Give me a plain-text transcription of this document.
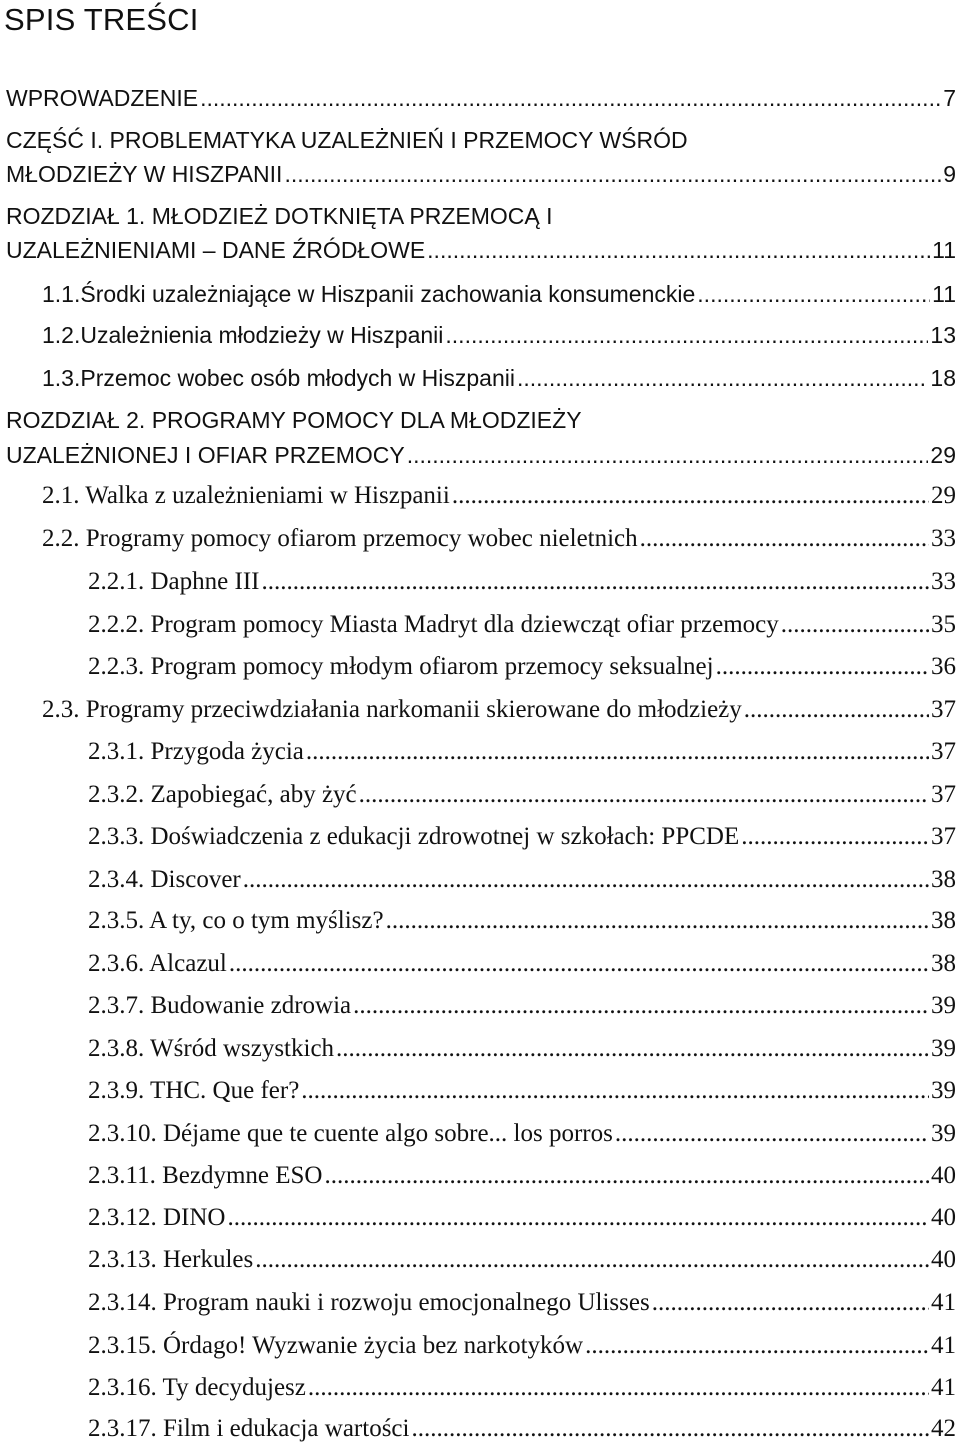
SPIS TREŚCI
WPROWADZENIE .....	7
CZĘŚĆ I. PROBLEMATYKA UZALEŻNIEŃ I PRZEMOCY WŚRÓD
MŁODZIEŻY W HISZPANII .....	9
ROZDZIAŁ 1. MŁODZIEŻ DOTKNIĘTA PRZEMOCĄ I
UZALEŻNIENIAMI – DANE ŹRÓDŁOWE .....	11
1.1.Środki uzależniające w Hiszpanii zachowania konsumenckie .....	11
1.2.Uzależnienia młodzieży w Hiszpanii .....	13
1.3.Przemoc wobec osób młodych w Hiszpanii .....	18
ROZDZIAŁ 2. PROGRAMY POMOCY DLA MŁODZIEŻY
UZALEŻNIONEJ I OFIAR PRZEMOCY .....	29
2.1. Walka z uzależnieniami w Hiszpanii .....	29
2.2. Programy pomocy ofiarom przemocy wobec nieletnich .....	33
2.2.1. Daphne III .....	33
2.2.2. Program pomocy Miasta Madryt dla dziewcząt ofiar przemocy .....	35
2.2.3. Program pomocy młodym ofiarom przemocy seksualnej .....	36
2.3. Programy przeciwdziałania narkomanii skierowane do młodzieży .....	37
2.3.1. Przygoda życia .....	37
2.3.2. Zapobiegać, aby żyć .....	37
2.3.3. Doświadczenia z edukacji zdrowotnej w szkołach: PPCDE .....	37
2.3.4. Discover .....	38
2.3.5. A ty, co o tym myślisz? .....	38
2.3.6. Alcazul .....	38
2.3.7. Budowanie zdrowia .....	39
2.3.8. Wśród wszystkich .....	39
2.3.9. THC. Que fer? .....	39
2.3.10. Déjame que te cuente algo sobre... los porros .....	39
2.3.11. Bezdymne ESO .....	40
2.3.12. DINO .....	40
2.3.13. Herkules .....	40
2.3.14. Program nauki i rozwoju emocjonalnego Ulisses .....	41
2.3.15. Órdago! Wyzwanie życia bez narkotyków .....	41
2.3.16. Ty decydujesz .....	41
2.3.17. Film i edukacja wartości .....	42
